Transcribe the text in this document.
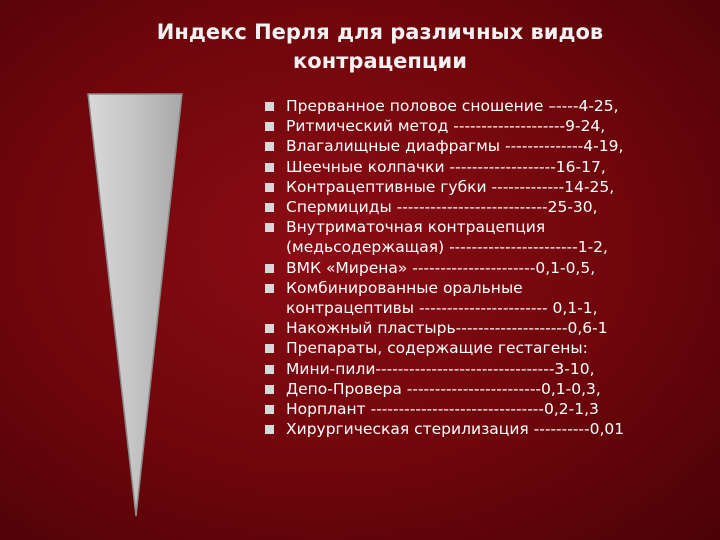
Индекс Перля для различных видов
контрацепции
Прерванное половое сношение –----4-25,
Ритмический метод --------------------9-24,
Влагалищные диафрагмы --------------4-19,
Шеечные колпачки -------------------16-17,
Контрацептивные губки -------------14-25,
Спермициды ---------------------------25-30,
Внутриматочная контрацепция
(медьсодержащая) -----------------------1-2,
ВМК «Мирена» ----------------------0,1-0,5,
Комбинированные оральные
контрацептивы ----------------------- 0,1-1,
Накожный пластырь--------------------0,6-1
Препараты, содержащие гестагены:
Мини-пили--------------------------------3-10,
Депо-Провера ------------------------0,1-0,3,
Норплант -------------------------------0,2-1,3
Хирургическая стерилизация ----------0,01
